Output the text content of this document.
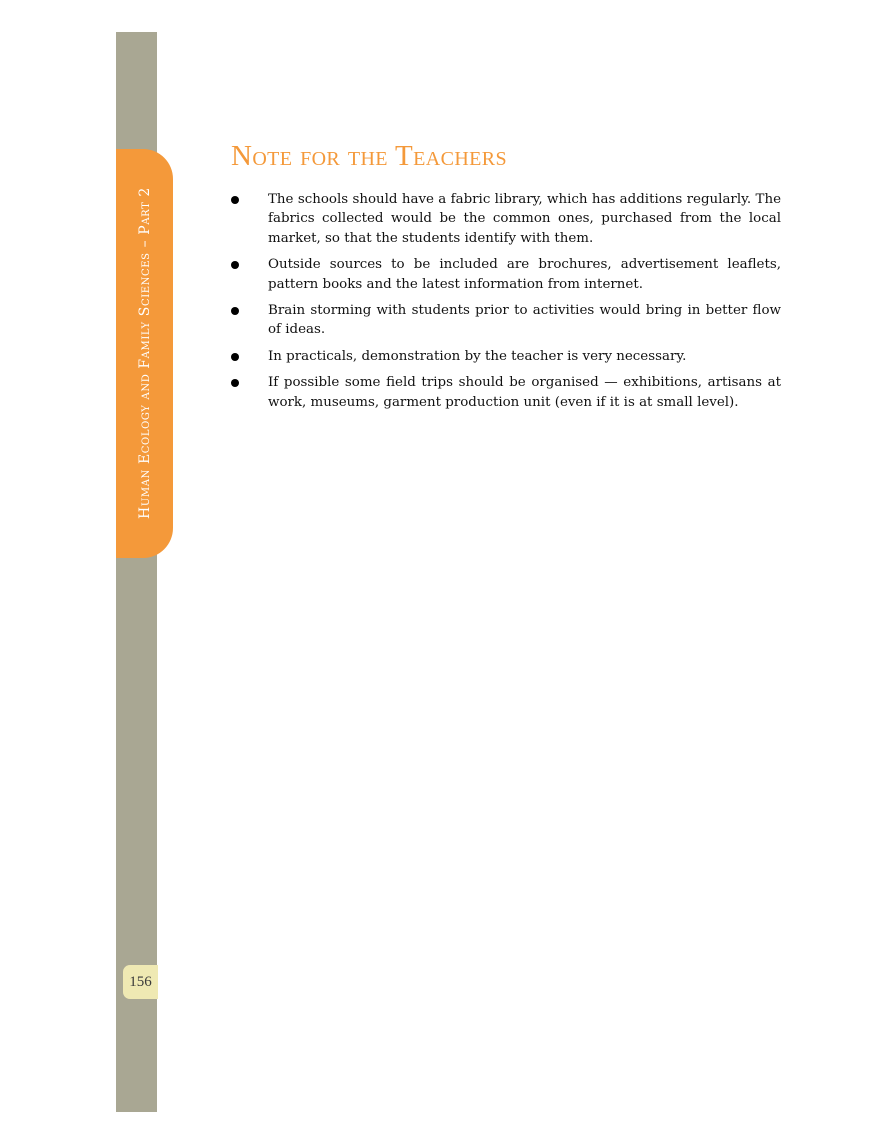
Human Ecology and Family Sciences – Part 2
156
Note for the Teachers
The schools should have a fabric library, which has additions regularly. The fabrics collected would be the common ones, purchased from the local market, so that the students identify with them.
Outside sources to be included are brochures, advertisement leaflets, pattern books and the latest information from internet.
Brain storming with students prior to activities would bring in better flow of ideas.
In practicals, demonstration by the teacher is very necessary.
If possible some field trips should be organised — exhibitions, artisans at work, museums, garment production unit (even if it is at small level).
